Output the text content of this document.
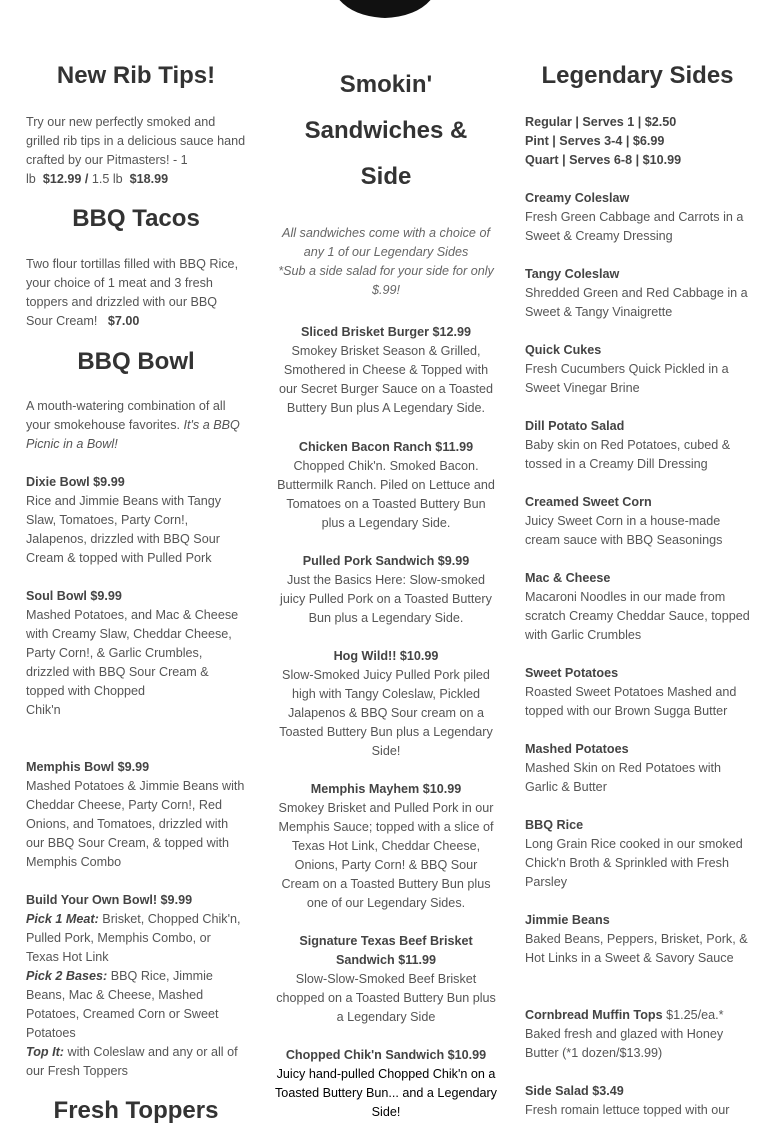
New Rib Tips!

Try our new perfectly smoked and grilled rib tips in a delicious sauce hand crafted by our Pitmasters! - 1 lb $12.99 / 1.5 lb $18.99

BBQ Tacos

Two flour tortillas filled with BBQ Rice, your choice of 1 meat and 3 fresh toppers and drizzled with our BBQ Sour Cream! $7.00

BBQ Bowl

A mouth-watering combination of all your smokehouse favorites. It's a BBQ Picnic in a Bowl!

Dixie Bowl $9.99
Rice and Jimmie Beans with Tangy Slaw, Tomatoes, Party Corn!, Jalapenos, drizzled with BBQ Sour Cream & topped with Pulled Pork

Soul Bowl $9.99
Mashed Potatoes, and Mac & Cheese with Creamy Slaw, Cheddar Cheese, Party Corn!, & Garlic Crumbles, drizzled with BBQ Sour Cream & topped with Chopped
Chik'n

Memphis Bowl $9.99
Mashed Potatoes & Jimmie Beans with Cheddar Cheese, Party Corn!, Red Onions, and Tomatoes, drizzled with our BBQ Sour Cream, & topped with Memphis Combo

Build Your Own Bowl! $9.99
Pick 1 Meat: Brisket, Chopped Chik'n, Pulled Pork, Memphis Combo, or Texas Hot Link
Pick 2 Bases: BBQ Rice, Jimmie Beans, Mac & Cheese, Mashed Potatoes, Creamed Corn or Sweet Potatoes
Top It: with Coleslaw and any or all of our Fresh Toppers

Fresh Toppers
Smokin'
Sandwiches &
Side

All sandwiches come with a choice of any 1 of our Legendary Sides
*Sub a side salad for your side for only $.99!

Sliced Brisket Burger $12.99
Smokey Brisket Season & Grilled, Smothered in Cheese & Topped with our Secret Burger Sauce on a Toasted Buttery Bun plus A Legendary Side.

Chicken Bacon Ranch $11.99
Chopped Chik'n. Smoked Bacon. Buttermilk Ranch. Piled on Lettuce and Tomatoes on a Toasted Buttery Bun plus a Legendary Side.

Pulled Pork Sandwich $9.99
Just the Basics Here: Slow-smoked juicy Pulled Pork on a Toasted Buttery Bun plus a Legendary Side.

Hog Wild!! $10.99
Slow-Smoked Juicy Pulled Pork piled high with Tangy Coleslaw, Pickled Jalapenos & BBQ Sour cream on a Toasted Buttery Bun plus a Legendary Side!

Memphis Mayhem $10.99
Smokey Brisket and Pulled Pork in our Memphis Sauce; topped with a slice of Texas Hot Link, Cheddar Cheese, Onions, Party Corn! & BBQ Sour Cream on a Toasted Buttery Bun plus one of our Legendary Sides.

Signature Texas Beef Brisket Sandwich $11.99
Slow-Slow-Smoked Beef Brisket chopped on a Toasted Buttery Bun plus a Legendary Side

Chopped Chik'n Sandwich $10.99
Juicy hand-pulled Chopped Chik'n on a Toasted Buttery Bun... and a Legendary Side!

Legendary Sides

Regular | Serves 1 | $2.50
Pint | Serves 3-4 | $6.99
Quart | Serves 6-8 | $10.99

Creamy Coleslaw
Fresh Green Cabbage and Carrots in a Sweet & Creamy Dressing

Tangy Coleslaw
Shredded Green and Red Cabbage in a Sweet & Tangy Vinaigrette

Quick Cukes
Fresh Cucumbers Quick Pickled in a Sweet Vinegar Brine

Dill Potato Salad
Baby skin on Red Potatoes, cubed & tossed in a Creamy Dill Dressing

Creamed Sweet Corn
Juicy Sweet Corn in a house-made cream sauce with BBQ Seasonings

Mac & Cheese
Macaroni Noodles in our made from scratch Creamy Cheddar Sauce, topped with Garlic Crumbles

Sweet Potatoes
Roasted Sweet Potatoes Mashed and topped with our Brown Sugga Butter

Mashed Potatoes
Mashed Skin on Red Potatoes with Garlic & Butter

BBQ Rice
Long Grain Rice cooked in our smoked Chick'n Broth & Sprinkled with Fresh Parsley

Jimmie Beans
Baked Beans, Peppers, Brisket, Pork, & Hot Links in a Sweet & Savory Sauce

Cornbread Muffin Tops $1.25/ea.*
Baked fresh and glazed with Honey Butter (*1 dozen/$13.99)

Side Salad $3.49
Fresh romain lettuce topped with our
